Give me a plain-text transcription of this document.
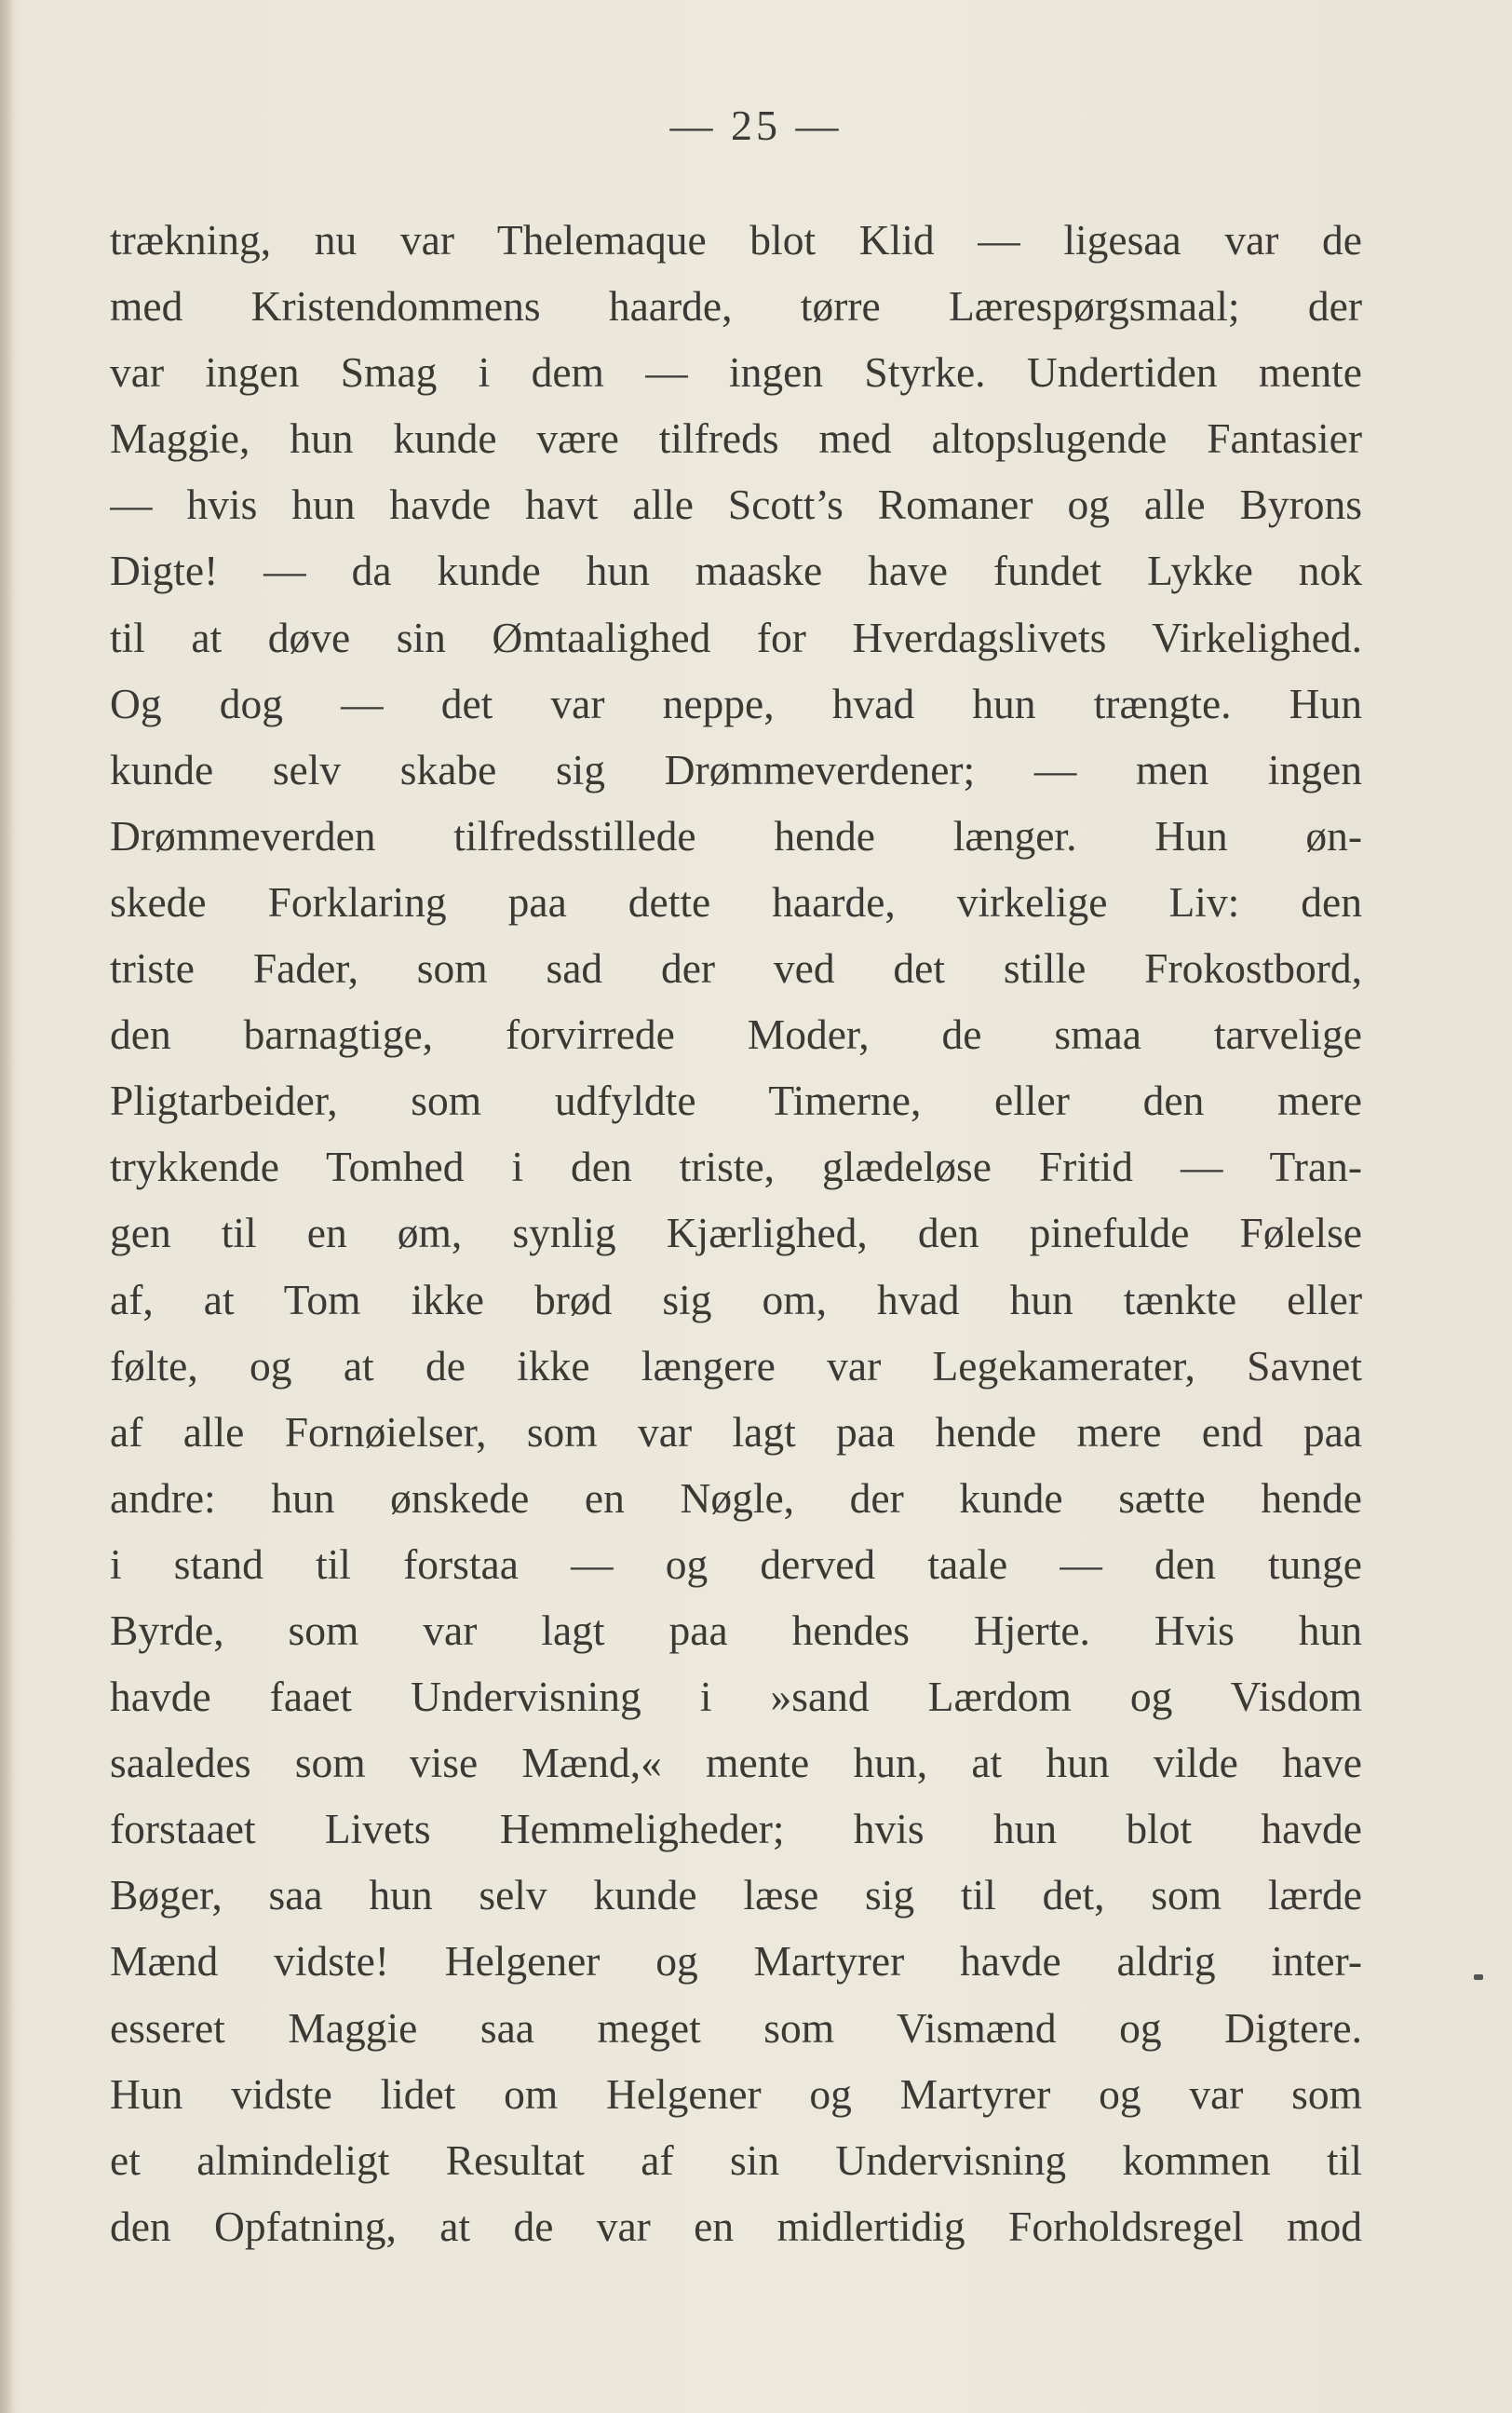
— 25 —
trækning, nu var Thelemaque blot Klid — ligesaa var de
med Kristendommens haarde, tørre Lærespørgsmaal; der
var ingen Smag i dem — ingen Styrke. Undertiden mente
Maggie, hun kunde være tilfreds med altopslugende Fantasier
— hvis hun havde havt alle Scott’s Romaner og alle Byrons
Digte! — da kunde hun maaske have fundet Lykke nok
til at døve sin Ømtaalighed for Hverdagslivets Virkelighed.
Og dog — det var neppe, hvad hun trængte. Hun
kunde selv skabe sig Drømmeverdener; — men ingen
Drømmeverden tilfredsstillede hende længer. Hun øn-
skede Forklaring paa dette haarde, virkelige Liv: den
triste Fader, som sad der ved det stille Frokostbord,
den barnagtige, forvirrede Moder, de smaa tarvelige
Pligtarbeider, som udfyldte Timerne, eller den mere
trykkende Tomhed i den triste, glædeløse Fritid — Tran-
gen til en øm, synlig Kjærlighed, den pinefulde Følelse
af, at Tom ikke brød sig om, hvad hun tænkte eller
følte, og at de ikke længere var Legekamerater, Savnet
af alle Fornøielser, som var lagt paa hende mere end paa
andre: hun ønskede en Nøgle, der kunde sætte hende
i stand til forstaa — og derved taale — den tunge
Byrde, som var lagt paa hendes Hjerte. Hvis hun
havde faaet Undervisning i »sand Lærdom og Visdom
saaledes som vise Mænd,« mente hun, at hun vilde have
forstaaet Livets Hemmeligheder; hvis hun blot havde
Bøger, saa hun selv kunde læse sig til det, som lærde
Mænd vidste! Helgener og Martyrer havde aldrig inter-
esseret Maggie saa meget som Vismænd og Digtere.
Hun vidste lidet om Helgener og Martyrer og var som
et almindeligt Resultat af sin Undervisning kommen til
den Opfatning, at de var en midlertidig Forholdsregel mod
